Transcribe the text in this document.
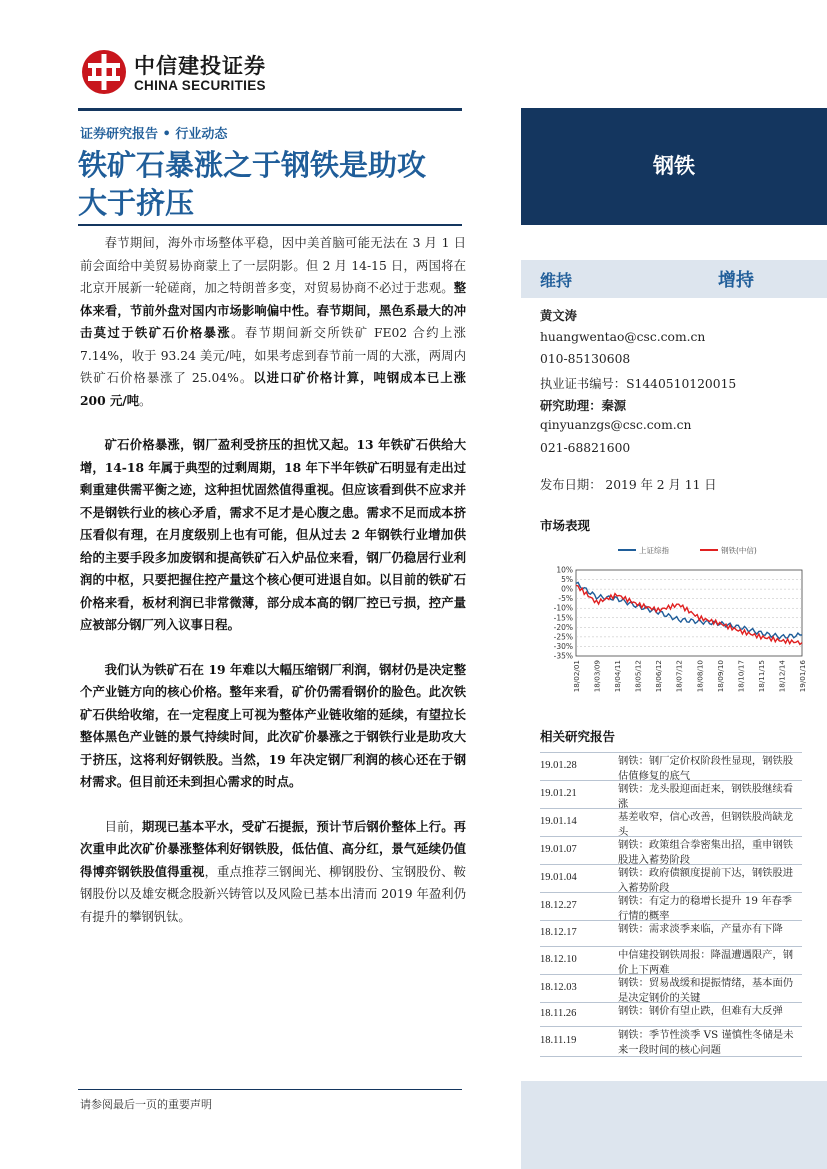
中信建投证券
CHINA SECURITIES
证券研究报告 • 行业动态
铁矿石暴涨之于钢铁是助攻
大于挤压

春节期间，海外市场整体平稳，因中美首脑可能无法在 3 月 1 日前会面给中美贸易协商蒙上了一层阴影。但 2 月 14-15 日，两国将在北京开展新一轮磋商，加之特朗普多变，对贸易协商不必过于悲观。整体来看，节前外盘对国内市场影响偏中性。春节期间，黑色系最大的冲击莫过于铁矿石价格暴涨。春节期间新交所铁矿 FE02 合约上涨 7.14%，收于 93.24 美元/吨，如果考虑到春节前一周的大涨，两周内铁矿石价格暴涨了 25.04%。以进口矿价格计算，吨钢成本已上涨 200 元/吨。

矿石价格暴涨，钢厂盈利受挤压的担忧又起。13 年铁矿石供给大增，14-18 年属于典型的过剩周期，18 年下半年铁矿石明显有走出过剩重建供需平衡之迹，这种担忧固然值得重视。但应该看到供不应求并不是钢铁行业的核心矛盾，需求不足才是心腹之患。需求不足而成本挤压看似有理，在月度级别上也有可能，但从过去 2 年钢铁行业增加供给的主要手段多加废钢和提高铁矿石入炉品位来看，钢厂仍稳居行业利润的中枢，只要把握住控产量这个核心便可进退自如。以目前的铁矿石价格来看，板材利润已非常微薄，部分成本高的钢厂控已亏损，控产量应被部分钢厂列入议事日程。

我们认为铁矿石在 19 年难以大幅压缩钢厂利润，钢材仍是决定整个产业链方向的核心价格。整年来看，矿价仍需看钢价的脸色。此次铁矿石供给收缩，在一定程度上可视为整体产业链收缩的延续，有望拉长整体黑色产业链的景气持续时间，此次矿价暴涨之于钢铁行业是助攻大于挤压，这将利好钢铁股。当然，19 年决定钢厂利润的核心还在于钢材需求。但目前还未到担心需求的时点。

目前，期现已基本平水，受矿石提振，预计节后钢价整体上行。再次重申此次矿价暴涨整体利好钢铁股，低估值、高分红，景气延续仍值得博弈钢铁股值得重视，重点推荐三钢闽光、柳钢股份、宝钢股份、鞍钢股份以及雄安概念股新兴铸管以及风险已基本出清而 2019 年盈利仍有提升的攀钢钒钛。

钢铁
维持	增持
黄文涛
huangwentao@csc.com.cn
010-85130608
执业证书编号：S1440510120015
研究助理：秦源
qinyuanzgs@csc.com.cn
021-68821600
发布日期： 2019 年 2 月 11 日
市场表现
上证综指	钢铁(中信)
10%
5%
0%
-5%
-10%
-15%
-20%
-25%
-30%
-35%
18/02/01 18/03/09 18/04/11 18/05/12 18/06/12 18/07/12 18/08/10 18/09/10 18/10/17 18/11/15 18/12/14 19/01/16
相关研究报告
19.01.28	钢铁：钢厂定价权阶段性显现，钢铁股估值修复的底气
19.01.21	钢铁：龙头股迎面赶来，钢铁股继续看涨
19.01.14	基差收窄，信心改善，但钢铁股尚缺龙头
19.01.07	钢铁：政策组合拳密集出招，重申钢铁股进入蓄势阶段
19.01.04	钢铁：政府债额度提前下达，钢铁股进入蓄势阶段
18.12.27	钢铁：有定力的稳增长提升 19 年春季行情的概率
18.12.17	钢铁：需求淡季来临，产量亦有下降
18.12.10	中信建投钢铁周报：降温遭遇限产，钢价上下两难
18.12.03	钢铁：贸易战缓和提振情绪，基本面仍是决定钢价的关键
18.11.26	钢铁：钢价有望止跌，但难有大反弹
18.11.19	钢铁：季节性淡季 VS 谨慎性冬储是未来一段时间的核心问题
请参阅最后一页的重要声明
